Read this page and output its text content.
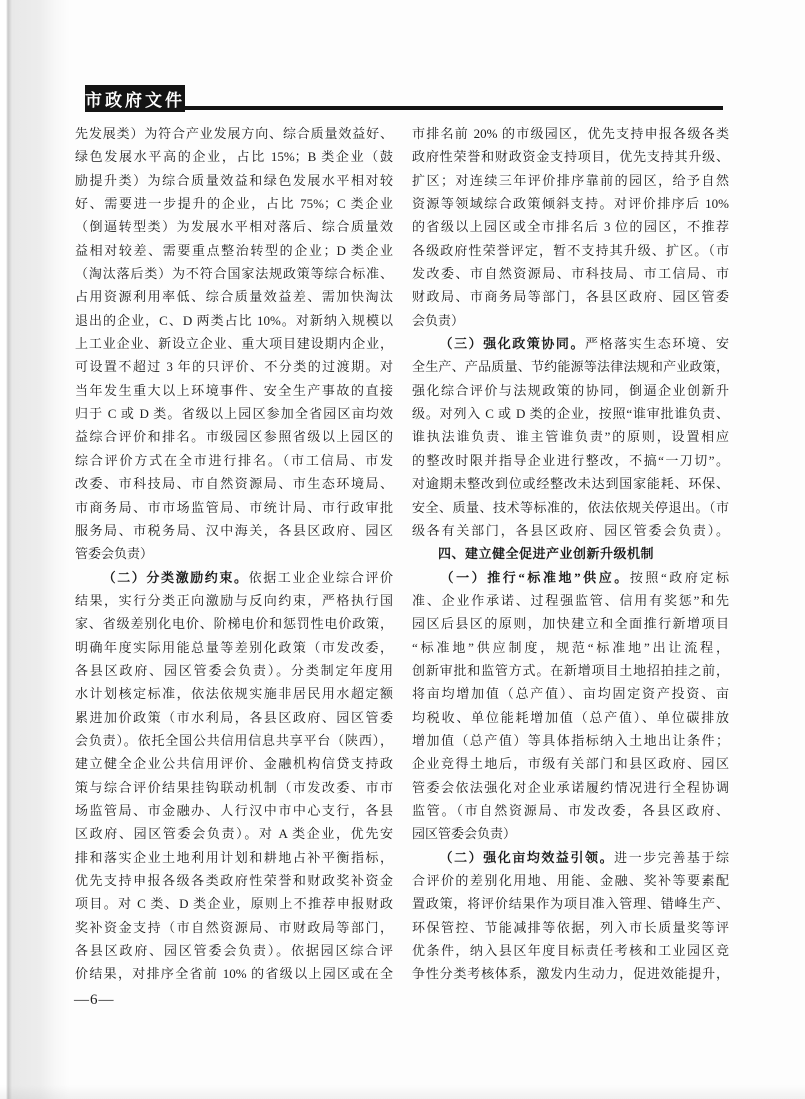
市政府文件
先发展类）为符合产业发展方向、综合质量效益好、
绿色发展水平高的企业，占比 15%；B 类企业（鼓
励提升类）为综合质量效益和绿色发展水平相对较
好、需要进一步提升的企业，占比 75%；C 类企业
（倒逼转型类）为发展水平相对落后、综合质量效
益相对较差、需要重点整治转型的企业；D 类企业
（淘汰落后类）为不符合国家法规政策等综合标准、
占用资源利用率低、综合质量效益差、需加快淘汰
退出的企业，C、D 两类占比 10%。对新纳入规模以
上工业企业、新设立企业、重大项目建设期内企业，
可设置不超过 3 年的只评价、不分类的过渡期。对
当年发生重大以上环境事件、安全生产事故的直接
归于 C 或 D 类。省级以上园区参加全省园区亩均效
益综合评价和排名。市级园区参照省级以上园区的
综合评价方式在全市进行排名。（市工信局、市发
改委、市科技局、市自然资源局、市生态环境局、
市商务局、市市场监管局、市统计局、市行政审批
服务局、市税务局、汉中海关，各县区政府、园区
管委会负责）
（二）分类激励约束。依据工业企业综合评价
结果，实行分类正向激励与反向约束，严格执行国
家、省级差别化电价、阶梯电价和惩罚性电价政策，
明确年度实际用能总量等差别化政策（市发改委，
各县区政府、园区管委会负责）。分类制定年度用
水计划核定标准，依法依规实施非居民用水超定额
累进加价政策（市水利局，各县区政府、园区管委
会负责）。依托全国公共信用信息共享平台（陕西），
建立健全企业公共信用评价、金融机构信贷支持政
策与综合评价结果挂钩联动机制（市发改委、市市
场监管局、市金融办、人行汉中市中心支行，各县
区政府、园区管委会负责）。对 A 类企业，优先安
排和落实企业土地利用计划和耕地占补平衡指标，
优先支持申报各级各类政府性荣誉和财政奖补资金
项目。对 C 类、D 类企业，原则上不推荐申报财政
奖补资金支持（市自然资源局、市财政局等部门，
各县区政府、园区管委会负责）。依据园区综合评
价结果，对排序全省前 10% 的省级以上园区或在全
市排名前 20% 的市级园区，优先支持申报各级各类
政府性荣誉和财政资金支持项目，优先支持其升级、
扩区；对连续三年评价排序靠前的园区，给予自然
资源等领域综合政策倾斜支持。对评价排序后 10%
的省级以上园区或全市排名后 3 位的园区，不推荐
各级政府性荣誉评定，暂不支持其升级、扩区。（市
发改委、市自然资源局、市科技局、市工信局、市
财政局、市商务局等部门，各县区政府、园区管委
会负责）
（三）强化政策协同。严格落实生态环境、安
全生产、产品质量、节约能源等法律法规和产业政策，
强化综合评价与法规政策的协同，倒逼企业创新升
级。对列入 C 或 D 类的企业，按照“谁审批谁负责、
谁执法谁负责、谁主管谁负责”的原则，设置相应
的整改时限并指导企业进行整改，不搞“一刀切”。
对逾期未整改到位或经整改未达到国家能耗、环保、
安全、质量、技术等标准的，依法依规关停退出。（市
级各有关部门，各县区政府、园区管委会负责）。
四、建立健全促进产业创新升级机制
（一）推行“标准地”供应。按照“政府定标
准、企业作承诺、过程强监管、信用有奖惩”和先
园区后县区的原则，加快建立和全面推行新增项目
“标准地”供应制度，规范“标准地”出让流程，
创新审批和监管方式。在新增项目土地招拍挂之前，
将亩均增加值（总产值）、亩均固定资产投资、亩
均税收、单位能耗增加值（总产值）、单位碳排放
增加值（总产值）等具体指标纳入土地出让条件；
企业竞得土地后，市级有关部门和县区政府、园区
管委会依法强化对企业承诺履约情况进行全程协调
监管。（市自然资源局、市发改委，各县区政府、
园区管委会负责）
（二）强化亩均效益引领。进一步完善基于综
合评价的差别化用地、用能、金融、奖补等要素配
置政策，将评价结果作为项目准入管理、错峰生产、
环保管控、节能减排等依据，列入市长质量奖等评
优条件，纳入县区年度目标责任考核和工业园区竞
争性分类考核体系，激发内生动力，促进效能提升，
—6—
